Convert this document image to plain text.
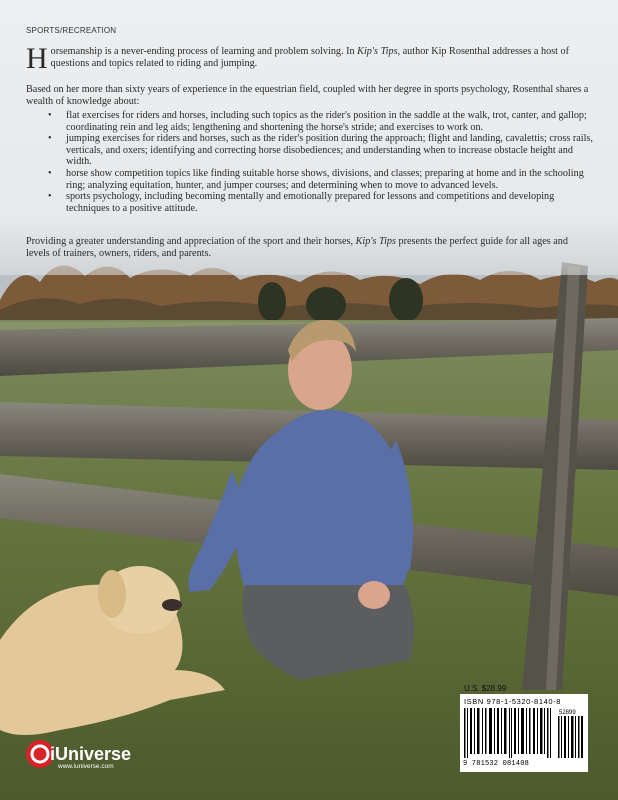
SPORTS/RECREATION

Horsemanship is a never-ending process of learning and problem solving. In Kip's Tips, author Kip Rosenthal addresses a host of questions and topics related to riding and jumping.

Based on her more than sixty years of experience in the equestrian field, coupled with her degree in sports psychology, Rosenthal shares a wealth of knowledge about:

• flat exercises for riders and horses, including such topics as the rider's position in the saddle at the walk, trot, canter, and gallop; coordinating rein and leg aids; lengthening and shortening the horse's stride; and exercises to work on.
• jumping exercises for riders and horses, such as the rider's position during the approach; flight and landing, cavalettis; cross rails, verticals, and oxers; identifying and correcting horse disobediences; and understanding when to increase obstacle height and width.
• horse show competition topics like finding suitable horse shows, divisions, and classes; preparing at home and in the schooling ring; analyzing equitation, hunter, and jumper courses; and determining when to move to advanced levels.
• sports psychology, including becoming mentally and emotionally prepared for lessons and competitions and developing techniques to a positive attitude.

Providing a greater understanding and appreciation of the sport and their horses, Kip's Tips presents the perfect guide for all ages and levels of trainers, owners, riders, and parents.

U.S. $28.99
ISBN 978-1-5320-8140-8
52899
9 781532 081408
iUniverse
www.iuniverse.com
